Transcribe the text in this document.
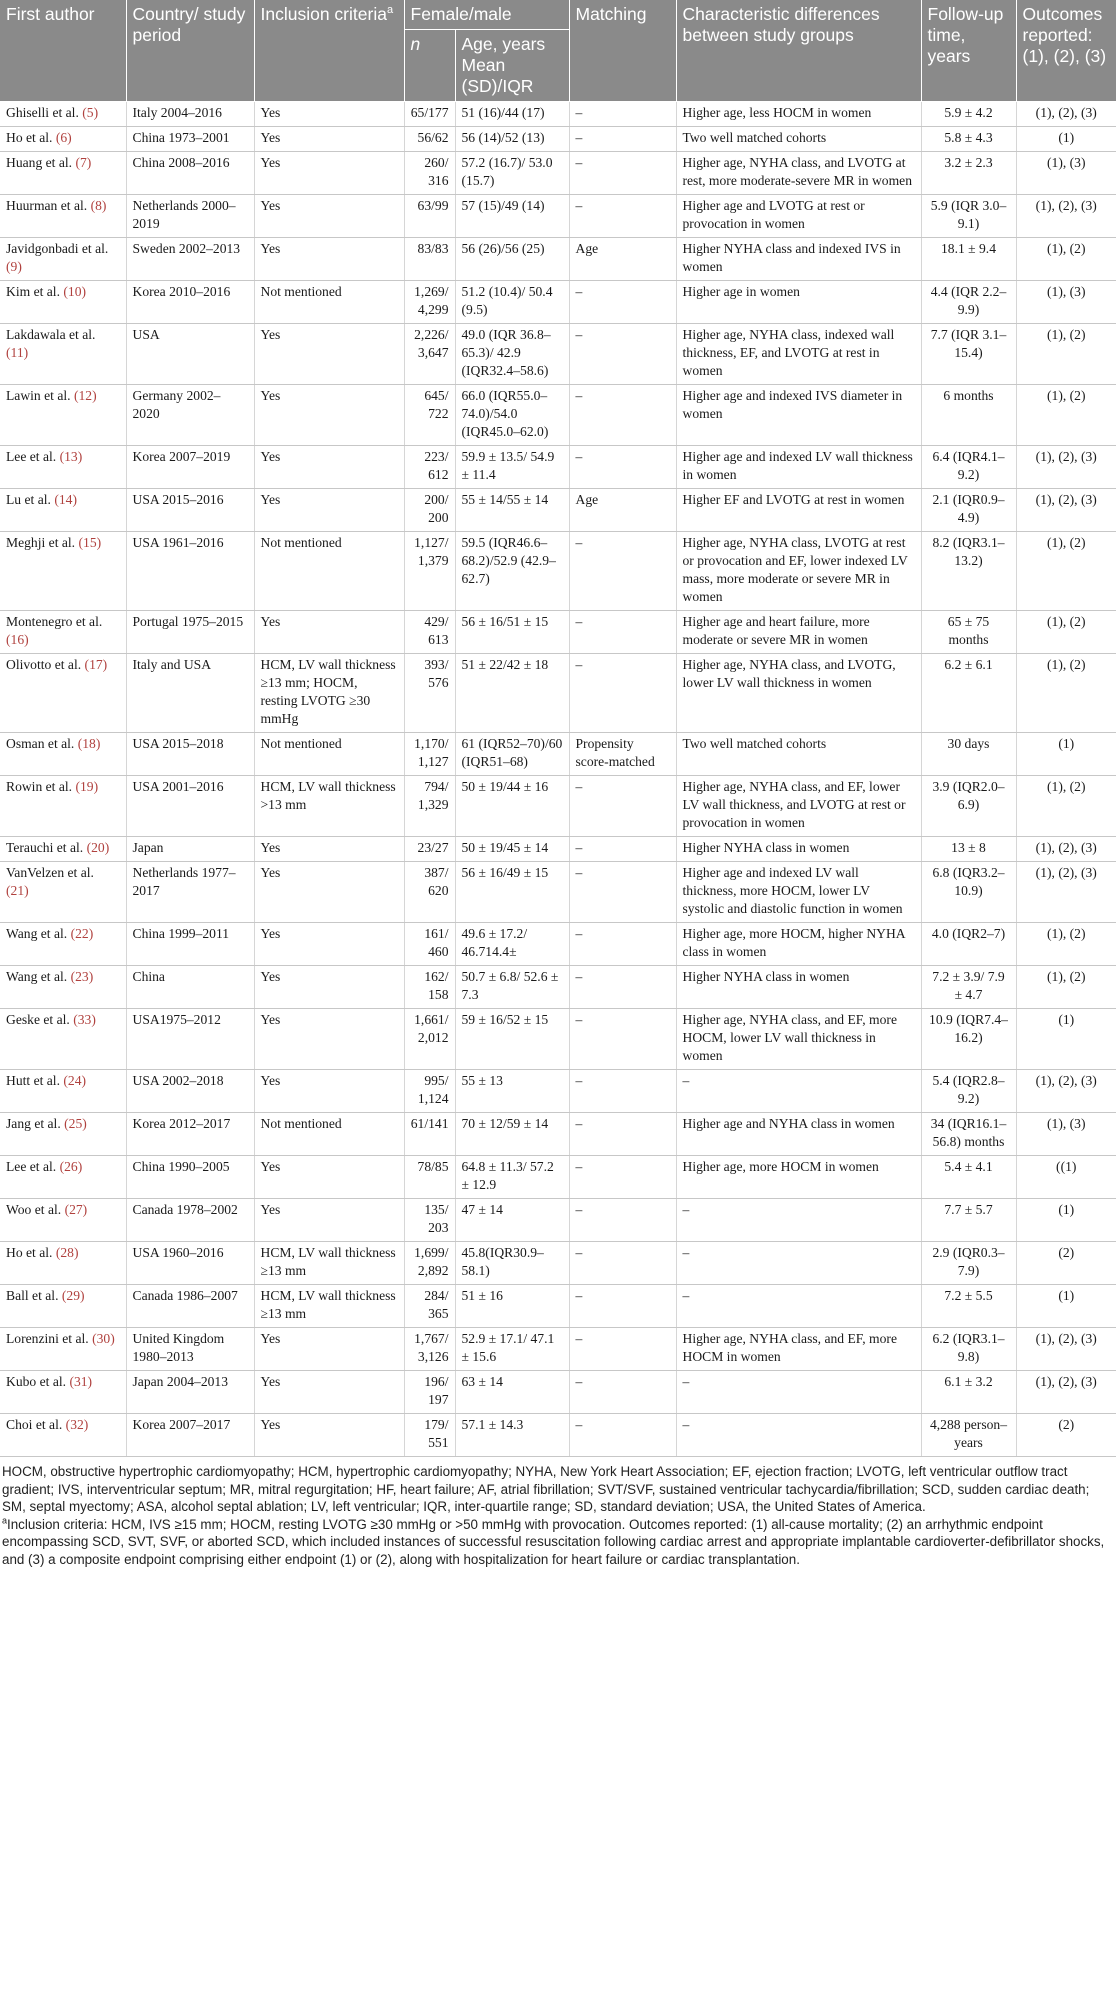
First author	Country/ study period	Inclusion criteria$^a$	Female/male		Matching	Characteristic differences between study groups	Follow-up time, years	Outcomes reported: (1), (2), (3)
			n	Age, years Mean (SD)/IQR				
Ghiselli et al. (5)	Italy 2004–2016	Yes	65/177	51 (16)/44 (17)	–	Higher age, less HOCM in women	5.9 ± 4.2	(1), (2), (3)
Ho et al. (6)	China 1973–2001	Yes	56/62	56 (14)/52 (13)	–	Two well matched cohorts	5.8 ± 4.3	(1)
Huang et al. (7)	China 2008–2016	Yes	260/ 316	57.2 (16.7)/ 53.0 (15.7)	–	Higher age, NYHA class, and LVOTG at rest, more moderate-severe MR in women	3.2 ± 2.3	(1), (3)
Huurman et al. (8)	Netherlands 2000–2019	Yes	63/99	57 (15)/49 (14)	–	Higher age and LVOTG at rest or provocation in women	5.9 (IQR 3.0–9.1)	(1), (2), (3)
Javidgonbadi et al. (9)	Sweden 2002–2013	Yes	83/83	56 (26)/56 (25)	Age	Higher NYHA class and indexed IVS in women	18.1 ± 9.4	(1), (2)
Kim et al. (10)	Korea 2010–2016	Not mentioned	1,269/ 4,299	51.2 (10.4)/ 50.4 (9.5)	–	Higher age in women	4.4 (IQR 2.2–9.9)	(1), (3)
Lakdawala et al. (11)	USA	Yes	2,226/ 3,647	49.0 (IQR 36.8–65.3)/ 42.9 (IQR32.4–58.6)	–	Higher age, NYHA class, indexed wall thickness, EF, and LVOTG at rest in women	7.7 (IQR 3.1–15.4)	(1), (2)
Lawin et al. (12)	Germany 2002–2020	Yes	645/ 722	66.0 (IQR55.0–74.0)/54.0 (IQR45.0–62.0)	–	Higher age and indexed IVS diameter in women	6 months	(1), (2)
Lee et al. (13)	Korea 2007–2019	Yes	223/ 612	59.9 ± 13.5/ 54.9 ± 11.4	–	Higher age and indexed LV wall thickness in women	6.4 (IQR4.1–9.2)	(1), (2), (3)
Lu et al. (14)	USA 2015–2016	Yes	200/ 200	55 ± 14/55 ± 14	Age	Higher EF and LVOTG at rest in women	2.1 (IQR0.9–4.9)	(1), (2), (3)
Meghji et al. (15)	USA 1961–2016	Not mentioned	1,127/ 1,379	59.5 (IQR46.6–68.2)/52.9 (42.9–62.7)	–	Higher age, NYHA class, LVOTG at rest or provocation and EF, lower indexed LV mass, more moderate or severe MR in women	8.2 (IQR3.1–13.2)	(1), (2)
Montenegro et al. (16)	Portugal 1975–2015	Yes	429/ 613	56 ± 16/51 ± 15	–	Higher age and heart failure, more moderate or severe MR in women	65 ± 75 months	(1), (2)
Olivotto et al. (17)	Italy and USA	HCM, LV wall thickness ≥13 mm; HOCM, resting LVOTG ≥30 mmHg	393/ 576	51 ± 22/42 ± 18	–	Higher age, NYHA class, and LVOTG, lower LV wall thickness in women	6.2 ± 6.1	(1), (2)
Osman et al. (18)	USA 2015–2018	Not mentioned	1,170/ 1,127	61 (IQR52–70)/60 (IQR51–68)	Propensity score-matched	Two well matched cohorts	30 days	(1)
Rowin et al. (19)	USA 2001–2016	HCM, LV wall thickness >13 mm	794/ 1,329	50 ± 19/44 ± 16	–	Higher age, NYHA class, and EF, lower LV wall thickness, and LVOTG at rest or provocation in women	3.9 (IQR2.0–6.9)	(1), (2)
Terauchi et al. (20)	Japan	Yes	23/27	50 ± 19/45 ± 14	–	Higher NYHA class in women	13 ± 8	(1), (2), (3)
VanVelzen et al. (21)	Netherlands 1977–2017	Yes	387/ 620	56 ± 16/49 ± 15	–	Higher age and indexed LV wall thickness, more HOCM, lower LV systolic and diastolic function in women	6.8 (IQR3.2–10.9)	(1), (2), (3)
Wang et al. (22)	China 1999–2011	Yes	161/ 460	49.6 ± 17.2/ 46.714.4±	–	Higher age, more HOCM, higher NYHA class in women	4.0 (IQR2–7)	(1), (2)
Wang et al. (23)	China	Yes	162/ 158	50.7 ± 6.8/ 52.6 ± 7.3	–	Higher NYHA class in women	7.2 ± 3.9/ 7.9 ± 4.7	(1), (2)
Geske et al. (33)	USA1975–2012	Yes	1,661/ 2,012	59 ± 16/52 ± 15	–	Higher age, NYHA class, and EF, more HOCM, lower LV wall thickness in women	10.9 (IQR7.4–16.2)	(1)
Hutt et al. (24)	USA 2002–2018	Yes	995/ 1,124	55 ± 13	–	–	5.4 (IQR2.8–9.2)	(1), (2), (3)
Jang et al. (25)	Korea 2012–2017	Not mentioned	61/141	70 ± 12/59 ± 14	–	Higher age and NYHA class in women	34 (IQR16.1–56.8) months	(1), (3)
Lee et al. (26)	China 1990–2005	Yes	78/85	64.8 ± 11.3/ 57.2 ± 12.9	–	Higher age, more HOCM in women	5.4 ± 4.1	((1)
Woo et al. (27)	Canada 1978–2002	Yes	135/ 203	47 ± 14	–	–	7.7 ± 5.7	(1)
Ho et al. (28)	USA 1960–2016	HCM, LV wall thickness ≥13 mm	1,699/ 2,892	45.8(IQR30.9–58.1)	–	–	2.9 (IQR0.3–7.9)	(2)
Ball et al. (29)	Canada 1986–2007	HCM, LV wall thickness ≥13 mm	284/ 365	51 ± 16	–	–	7.2 ± 5.5	(1)
Lorenzini et al. (30)	United Kingdom 1980–2013	Yes	1,767/ 3,126	52.9 ± 17.1/ 47.1 ± 15.6	–	Higher age, NYHA class, and EF, more HOCM in women	6.2 (IQR3.1–9.8)	(1), (2), (3)
Kubo et al. (31)	Japan 2004–2013	Yes	196/ 197	63 ± 14	–	–	6.1 ± 3.2	(1), (2), (3)
Choi et al. (32)	Korea 2007–2017	Yes	179/ 551	57.1 ± 14.3	–	–	4,288 person–years	(2)

HOCM, obstructive hypertrophic cardiomyopathy; HCM, hypertrophic cardiomyopathy; NYHA, New York Heart Association; EF, ejection fraction; LVOTG, left ventricular outflow tract gradient; IVS, interventricular septum; MR, mitral regurgitation; HF, heart failure; AF, atrial fibrillation; SVT/SVF, sustained ventricular tachycardia/fibrillation; SCD, sudden cardiac death; SM, septal myectomy; ASA, alcohol septal ablation; LV, left ventricular; IQR, inter-quartile range; SD, standard deviation; USA, the United States of America.

$^a$Inclusion criteria: HCM, IVS ≥15 mm; HOCM, resting LVOTG ≥30 mmHg or >50 mmHg with provocation. Outcomes reported: (1) all-cause mortality; (2) an arrhythmic endpoint encompassing SCD, SVT, SVF, or aborted SCD, which included instances of successful resuscitation following cardiac arrest and appropriate implantable cardioverter-defibrillator shocks, and (3) a composite endpoint comprising either endpoint (1) or (2), along with hospitalization for heart failure or cardiac transplantation.
